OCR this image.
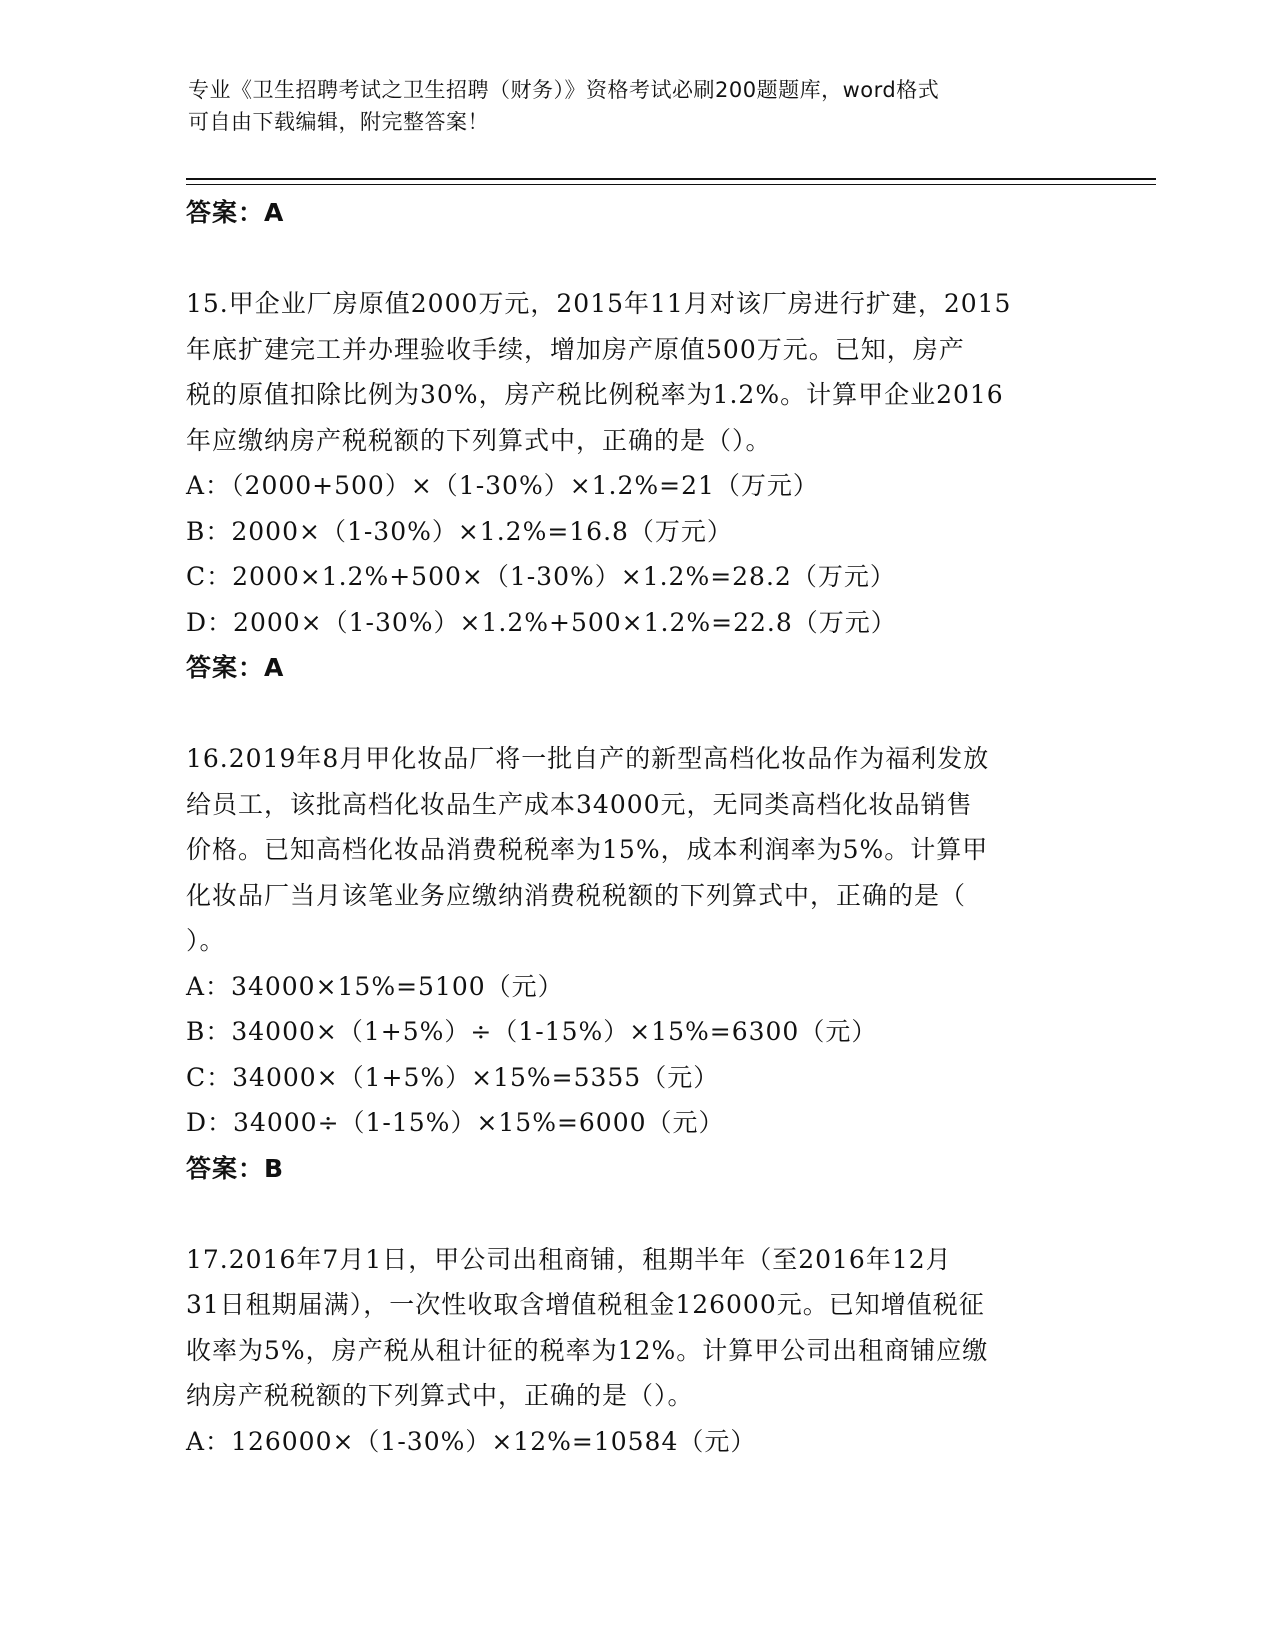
专业《卫生招聘考试之卫生招聘（财务）》资格考试必刷200题题库，word格式
可自由下载编辑，附完整答案！
答案：A
15.甲企业厂房原值2000万元，2015年11月对该厂房进行扩建，2015
年底扩建完工并办理验收手续，增加房产原值500万元。已知，房产
税的原值扣除比例为30%，房产税比例税率为1.2%。计算甲企业2016
年应缴纳房产税税额的下列算式中，正确的是（）。
A：（2000+500）×（1-30%）×1.2%=21（万元）
B：2000×（1-30%）×1.2%=16.8（万元）
C：2000×1.2%+500×（1-30%）×1.2%=28.2（万元）
D：2000×（1-30%）×1.2%+500×1.2%=22.8（万元）
答案：A
16.2019年8月甲化妆品厂将一批自产的新型高档化妆品作为福利发放
给员工，该批高档化妆品生产成本34000元，无同类高档化妆品销售
价格。已知高档化妆品消费税税率为15%，成本利润率为5%。计算甲
化妆品厂当月该笔业务应缴纳消费税税额的下列算式中，正确的是（
）。
A：34000×15%=5100（元）
B：34000×（1+5%）÷（1-15%）×15%=6300（元）
C：34000×（1+5%）×15%=5355（元）
D：34000÷（1-15%）×15%=6000（元）
答案：B
17.2016年7月1日，甲公司出租商铺，租期半年（至2016年12月
31日租期届满），一次性收取含增值税租金126000元。已知增值税征
收率为5%，房产税从租计征的税率为12%。计算甲公司出租商铺应缴
纳房产税税额的下列算式中，正确的是（）。
A：126000×（1-30%）×12%=10584（元）
